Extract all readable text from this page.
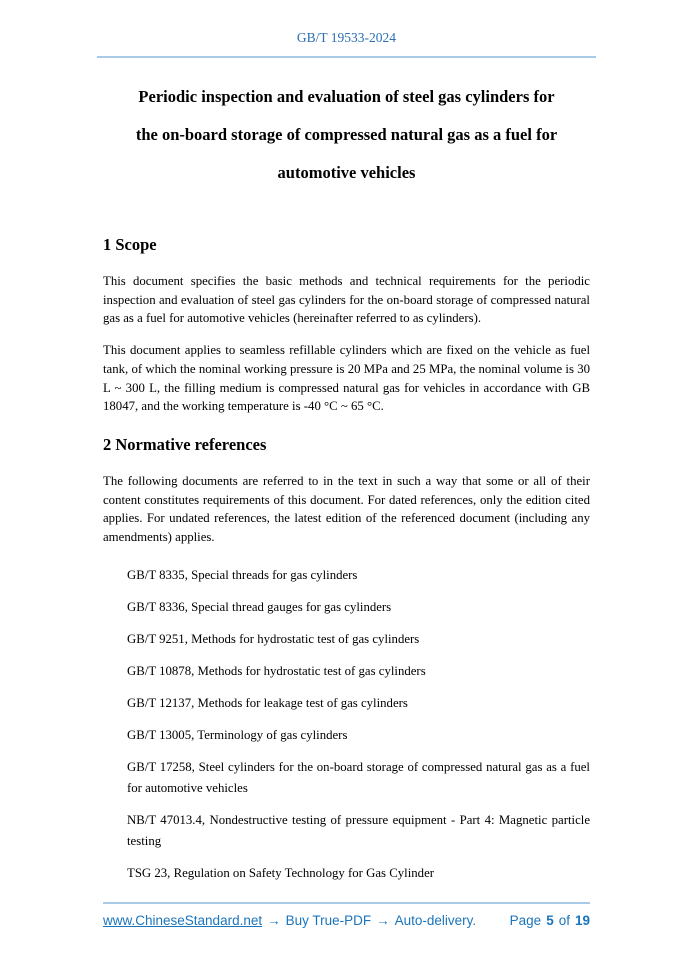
GB/T 19533-2024
Periodic inspection and evaluation of steel gas cylinders for
the on-board storage of compressed natural gas as a fuel for
automotive vehicles
1 Scope

This document specifies the basic methods and technical requirements for the periodic inspection and evaluation of steel gas cylinders for the on-board storage of compressed natural gas as a fuel for automotive vehicles (hereinafter referred to as cylinders).

This document applies to seamless refillable cylinders which are fixed on the vehicle as fuel tank, of which the nominal working pressure is 20 MPa and 25 MPa, the nominal volume is 30 L ~ 300 L, the filling medium is compressed natural gas for vehicles in accordance with GB 18047, and the working temperature is -40 °C ~ 65 °C.

2 Normative references

The following documents are referred to in the text in such a way that some or all of their content constitutes requirements of this document. For dated references, only the edition cited applies. For undated references, the latest edition of the referenced document (including any amendments) applies.

GB/T 8335, Special threads for gas cylinders

GB/T 8336, Special thread gauges for gas cylinders

GB/T 9251, Methods for hydrostatic test of gas cylinders

GB/T 10878, Methods for hydrostatic test of gas cylinders

GB/T 12137, Methods for leakage test of gas cylinders

GB/T 13005, Terminology of gas cylinders

GB/T 17258, Steel cylinders for the on-board storage of compressed natural gas as a fuel for automotive vehicles

NB/T 47013.4, Nondestructive testing of pressure equipment - Part 4: Magnetic particle testing

TSG 23, Regulation on Safety Technology for Gas Cylinder

www.ChineseStandard.net → Buy True-PDF → Auto-delivery. Page 5 of 19
